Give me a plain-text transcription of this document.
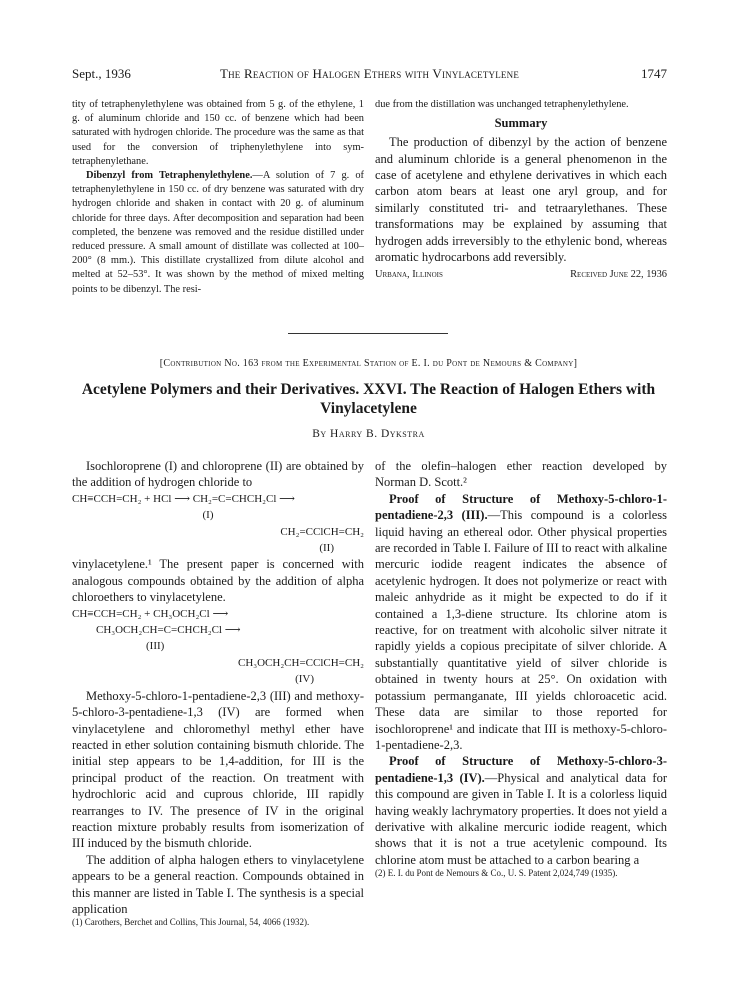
Sept., 1936	The Reaction of Halogen Ethers with Vinylacetylene	1747

tity of tetraphenylethylene was obtained from 5 g. of the ethylene, 1 g. of aluminum chloride and 150 cc. of benzene which had been saturated with hydrogen chloride. The procedure was the same as that used for the conversion of triphenylethylene into sym-tetraphenylethane.

Dibenzyl from Tetraphenylethylene.—A solution of 7 g. of tetraphenylethylene in 150 cc. of dry benzene was saturated with dry hydrogen chloride and shaken in contact with 20 g. of aluminum chloride for three days. After decomposition and separation had been completed, the benzene was removed and the residue distilled under reduced pressure. A small amount of distillate was collected at 100–200° (8 mm.). This distillate crystallized from dilute alcohol and melted at 52–53°. It was shown by the method of mixed melting points to be dibenzyl. The resi-

due from the distillation was unchanged tetraphenylethylene.

Summary

The production of dibenzyl by the action of benzene and aluminum chloride is a general phenomenon in the case of acetylene and ethylene derivatives in which each carbon atom bears at least one aryl group, and for similarly constituted tri- and tetraarylethanes. These transformations may be explained by assuming that hydrogen adds irreversibly to the ethylenic bond, whereas aromatic hydrocarbons add reversibly.

Urbana, Illinois	Received June 22, 1936
[Contribution No. 163 from the Experimental Station of E. I. du Pont de Nemours & Company]
Acetylene Polymers and their Derivatives. XXVI. The Reaction of Halogen Ethers with Vinylacetylene
By Harry B. Dykstra

Isochloroprene (I) and chloroprene (II) are obtained by the addition of hydrogen chloride to

CH≡CCH=CH₂ + HCl ⟶ CH₂=C=CHCH₂Cl ⟶
(I)
CH₂=CClCH=CH₂
(II)

vinylacetylene.¹ The present paper is concerned with analogous compounds obtained by the addition of alpha chloroethers to vinylacetylene.

CH≡CCH=CH₂ + CH₃OCH₂Cl ⟶
CH₃OCH₂CH=C=CHCH₂Cl ⟶
(III)
CH₃OCH₂CH=CClCH=CH₂
(IV)

Methoxy-5-chloro-1-pentadiene-2,3 (III) and methoxy-5-chloro-3-pentadiene-1,3 (IV) are formed when vinylacetylene and chloromethyl methyl ether have reacted in ether solution containing bismuth chloride. The initial step appears to be 1,4-addition, for III is the principal product of the reaction. On treatment with hydrochloric acid and cuprous chloride, III rapidly rearranges to IV. The presence of IV in the original reaction mixture probably results from isomerization of III induced by the bismuth chloride.

The addition of alpha halogen ethers to vinylacetylene appears to be a general reaction. Compounds obtained in this manner are listed in Table I. The synthesis is a special application

(1) Carothers, Berchet and Collins, This Journal, 54, 4066 (1932).

of the olefin–halogen ether reaction developed by Norman D. Scott.²

Proof of Structure of Methoxy-5-chloro-1-pentadiene-2,3 (III).—This compound is a colorless liquid having an ethereal odor. Other physical properties are recorded in Table I. Failure of III to react with alkaline mercuric iodide reagent indicates the absence of acetylenic hydrogen. It does not polymerize or react with maleic anhydride as it might be expected to do if it contained a 1,3-diene structure. Its chlorine atom is reactive, for on treatment with alcoholic silver nitrate it rapidly yields a copious precipitate of silver chloride. A substantially quantitative yield of silver chloride is obtained in twenty hours at 25°. On oxidation with potassium permanganate, III yields chloroacetic acid. These data are similar to those reported for isochloroprene¹ and indicate that III is methoxy-5-chloro-1-pentadiene-2,3.

Proof of Structure of Methoxy-5-chloro-3-pentadiene-1,3 (IV).—Physical and analytical data for this compound are given in Table I. It is a colorless liquid having weakly lachrymatory properties. It does not yield a derivative with alkaline mercuric iodide reagent, which shows that it is not a true acetylenic compound. Its chlorine atom must be attached to a carbon bearing a

(2) E. I. du Pont de Nemours & Co., U. S. Patent 2,024,749 (1935).
